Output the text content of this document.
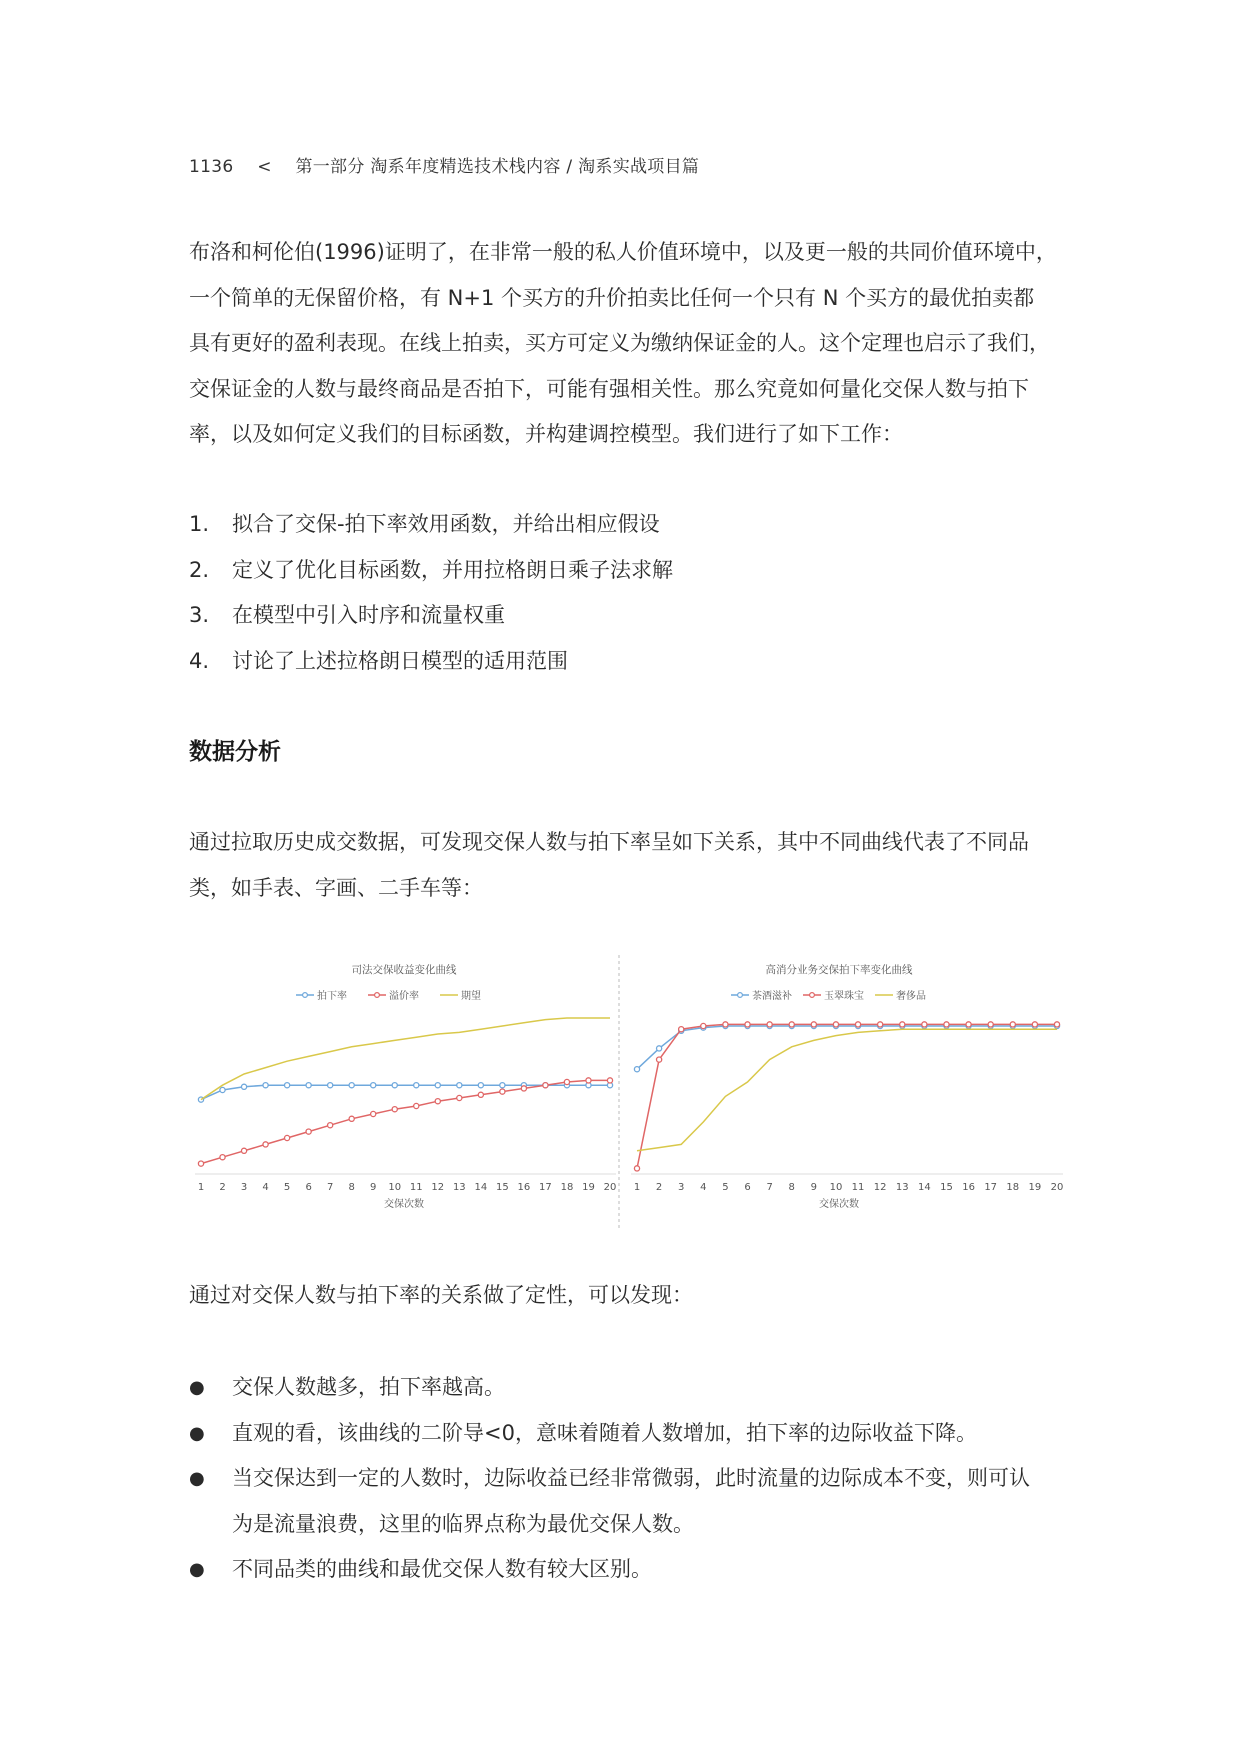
1136 < 第一部分 淘系年度精选技术栈内容 / 淘系实战项目篇

布洛和柯伦伯(1996)证明了，在非常一般的私人价值环境中，以及更一般的共同价值环境中，
一个简单的无保留价格，有 N+1 个买方的升价拍卖比任何一个只有 N 个买方的最优拍卖都
具有更好的盈利表现。在线上拍卖，买方可定义为缴纳保证金的人。这个定理也启示了我们，
交保证金的人数与最终商品是否拍下，可能有强相关性。那么究竟如何量化交保人数与拍下
率，以及如何定义我们的目标函数，并构建调控模型。我们进行了如下工作：

1. 拟合了交保-拍下率效用函数，并给出相应假设
2. 定义了优化目标函数，并用拉格朗日乘子法求解
3. 在模型中引入时序和流量权重
4. 讨论了上述拉格朗日模型的适用范围
数据分析

通过拉取历史成交数据，可发现交保人数与拍下率呈如下关系，其中不同曲线代表了不同品
类，如手表、字画、二手车等：

司法交保收益变化曲线
拍下率	溢价率	期望
1 2 3 4 5 6 7 8 9 10 11 12 13 14 15 16 17 18 19 20
交保次数
高消分业务交保拍下率变化曲线
茶酒滋补	玉翠珠宝	奢侈品
1 2 3 4 5 6 7 8 9 10 11 12 13 14 15 16 17 18 19 20
交保次数

通过对交保人数与拍下率的关系做了定性，可以发现：

● 交保人数越多，拍下率越高。
● 直观的看，该曲线的二阶导<0，意味着随着人数增加，拍下率的边际收益下降。
● 当交保达到一定的人数时，边际收益已经非常微弱，此时流量的边际成本不变，则可认
为是流量浪费，这里的临界点称为最优交保人数。
● 不同品类的曲线和最优交保人数有较大区别。
